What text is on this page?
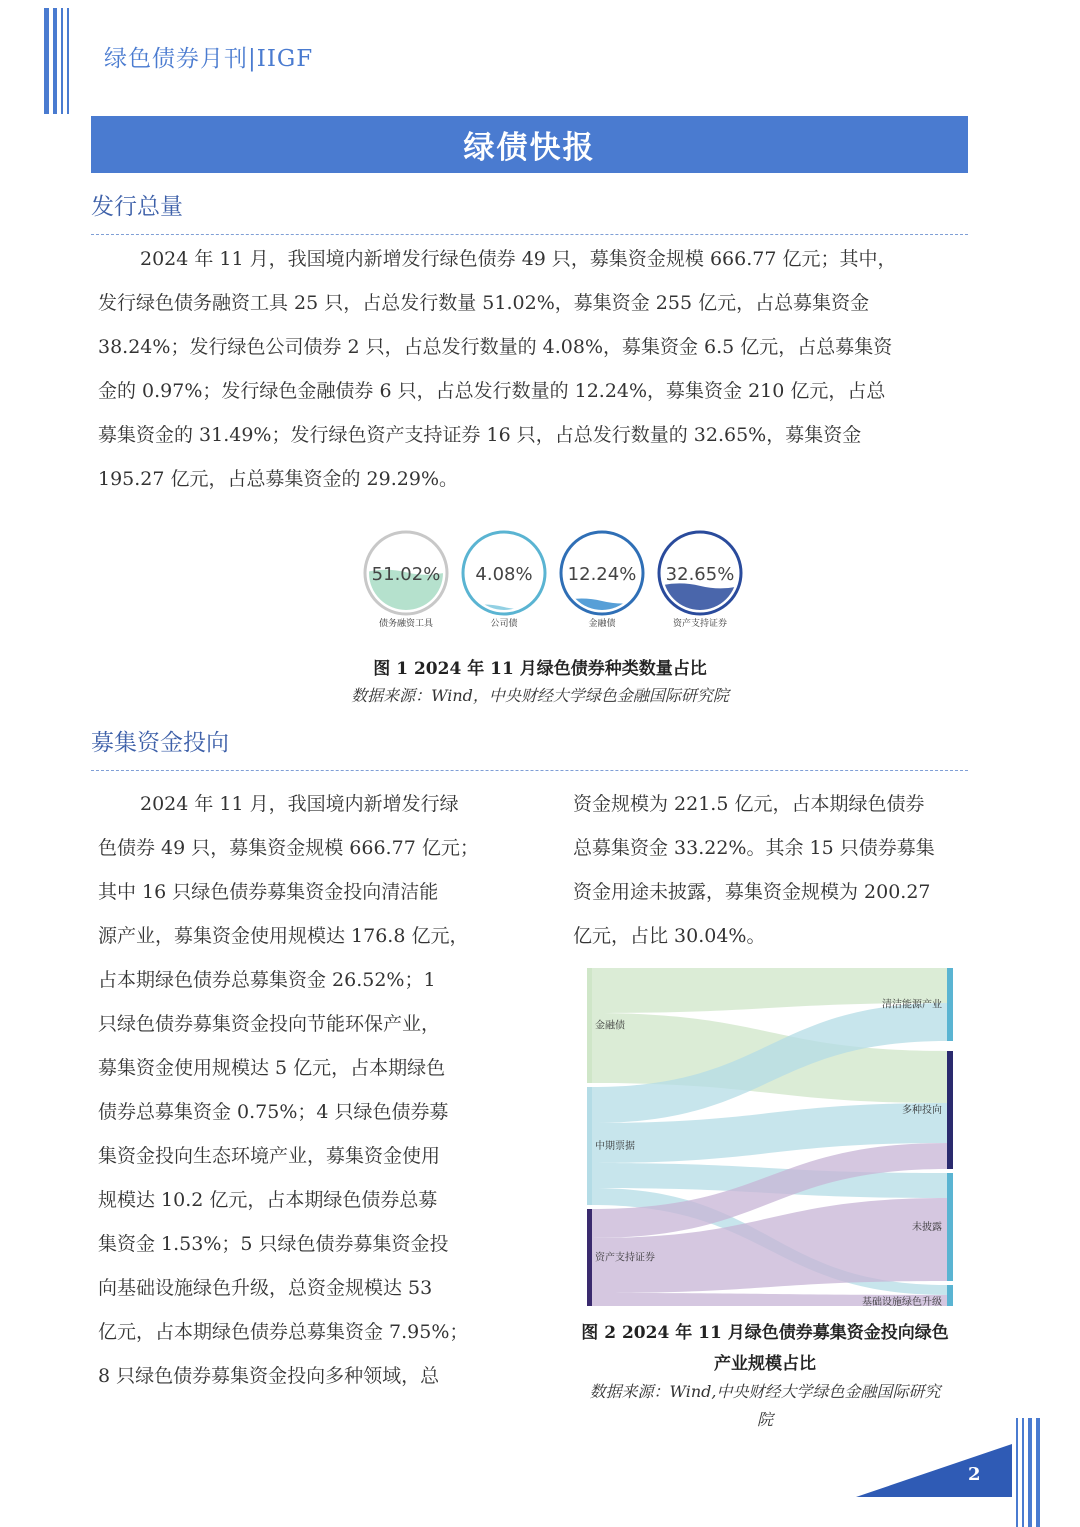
绿色债券月刊|IIGF
绿债快报
发行总量
2024 年 11 月，我国境内新增发行绿色债券 49 只，募集资金规模 666.77 亿元；其中，
发行绿色债务融资工具 25 只，占总发行数量 51.02%，募集资金 255 亿元，占总募集资金
38.24%；发行绿色公司债券 2 只，占总发行数量的 4.08%，募集资金 6.5 亿元，占总募集资
金的 0.97%；发行绿色金融债券 6 只，占总发行数量的 12.24%，募集资金 210 亿元，占总
募集资金的 31.49%；发行绿色资产支持证券 16 只，占总发行数量的 32.65%，募集资金
195.27 亿元，占总募集资金的 29.29%。
51.02%
债务融资工具
4.08%
公司债
12.24%
金融债
32.65%
资产支持证券
图 1 2024 年 11 月绿色债券种类数量占比
数据来源：Wind，中央财经大学绿色金融国际研究院
募集资金投向
2024 年 11 月，我国境内新增发行绿
色债券 49 只，募集资金规模 666.77 亿元；
其中 16 只绿色债券募集资金投向清洁能
源产业，募集资金使用规模达 176.8 亿元，
占本期绿色债券总募集资金 26.52%；1
只绿色债券募集资金投向节能环保产业，
募集资金使用规模达 5 亿元，占本期绿色
债券总募集资金 0.75%；4 只绿色债券募
集资金投向生态环境产业，募集资金使用
规模达 10.2 亿元，占本期绿色债券总募
集资金 1.53%；5 只绿色债券募集资金投
向基础设施绿色升级，总资金规模达 53
亿元，占本期绿色债券总募集资金 7.95%；
8 只绿色债券募集资金投向多种领域，总
资金规模为 221.5 亿元，占本期绿色债券
总募集资金 33.22%。其余 15 只债券募集
资金用途未披露，募集资金规模为 200.27
亿元，占比 30.04%。
金融债
中期票据
资产支持证券
清洁能源产业
多种投向
未披露
基础设施绿色升级
图 2 2024 年 11 月绿色债券募集资金投向绿色
产业规模占比
数据来源：Wind,中央财经大学绿色金融国际研究
院
2
